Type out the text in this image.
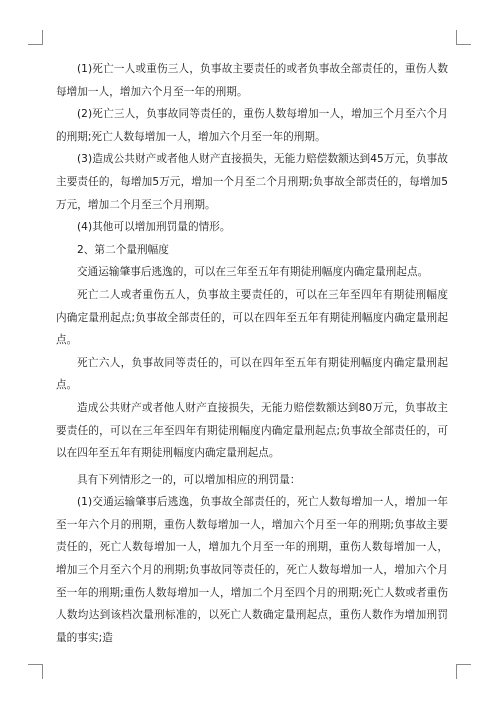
(1)死亡一人或重伤三人，负事故主要责任的或者负事故全部责任的，重伤人数每增加一人，增加六个月至一年的刑期。

(2)死亡三人，负事故同等责任的，重伤人数每增加一人，增加三个月至六个月的刑期;死亡人数每增加一人，增加六个月至一年的刑期。

(3)造成公共财产或者他人财产直接损失，无能力赔偿数额达到45万元，负事故主要责任的，每增加5万元，增加一个月至二个月刑期;负事故全部责任的，每增加5万元，增加二个月至三个月刑期。

(4)其他可以增加刑罚量的情形。

2、第二个量刑幅度

交通运输肇事后逃逸的，可以在三年至五年有期徒刑幅度内确定量刑起点。

死亡二人或者重伤五人，负事故主要责任的，可以在三年至四年有期徒刑幅度内确定量刑起点;负事故全部责任的，可以在四年至五年有期徒刑幅度内确定量刑起点。

死亡六人，负事故同等责任的，可以在四年至五年有期徒刑幅度内确定量刑起点。

造成公共财产或者他人财产直接损失，无能力赔偿数额达到80万元，负事故主要责任的，可以在三年至四年有期徒刑幅度内确定量刑起点;负事故全部责任的，可以在四年至五年有期徒刑幅度内确定量刑起点。

具有下列情形之一的，可以增加相应的刑罚量：

(1)交通运输肇事后逃逸，负事故全部责任的，死亡人数每增加一人，增加一年至一年六个月的刑期，重伤人数每增加一人，增加六个月至一年的刑期;负事故主要责任的，死亡人数每增加一人，增加九个月至一年的刑期，重伤人数每增加一人，增加三个月至六个月的刑期;负事故同等责任的，死亡人数每增加一人，增加六个月至一年的刑期;重伤人数每增加一人，增加二个月至四个月的刑期;死亡人数或者重伤人数均达到该档次量刑标准的，以死亡人数确定量刑起点，重伤人数作为增加刑罚量的事实;造
